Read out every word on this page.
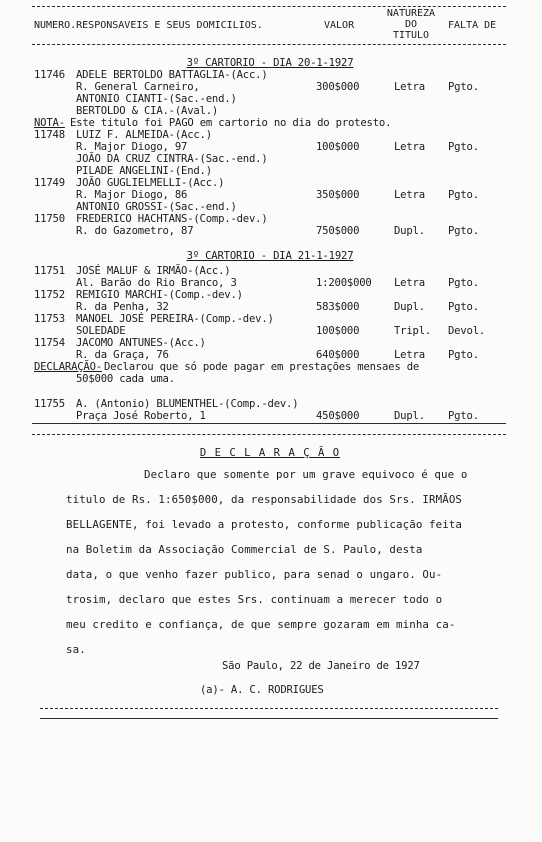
NUMERO.RESPONSAVEIS E SEUS DOMICILIOS.	VALOR
NATUREZA
DO
TITULO
FALTA DE
3º CARTORIO - DIA 20-1-1927
11746 ADELE BERTOLDO BATTAGLIA-(Acc.)
R. General Carneiro,	300$000	Letra Pgto.
ANTONIO CIANTI-(Sac.-end.)
BERTOLDO & CIA.-(Aval.)
NOTA- Este titulo foi PAGO em cartorio no dia do protesto.
11748 LUIZ F. ALMEIDA-(Acc.)
R. Major Diogo, 97	100$000	Letra Pgto.
JOÃO DA CRUZ CINTRA-(Sac.-end.)
PILADE ANGELINI-(End.)
11749 JOÃO GUGLIELMELLI-(Acc.)
R. Major Diogo, 86	350$000	Letra Pgto.
ANTONIO GROSSI-(Sac.-end.)
11750 FREDERICO HACHTANS-(Comp.-dev.)
R. do Gazometro, 87	750$000	Dupl. Pgto.
11751 JOSÉ MALUF & IRMÃO-(Acc.)
Al. Barão do Rio Branco, 3	1:200$000 Letra Pgto.
11752 REMIGIO MARCHI-(Comp.-dev.)
R. da Penha, 32	583$000	Dupl. Pgto.
11753 MANOEL JOSÉ PEREIRA-(Comp.-dev.)
SOLEDADE	100$000	Tripl. Devol.
11754 JACOMO ANTUNES-(Acc.)
R. da Graça, 76	640$000	Letra Pgto.
DECLARAÇÃO- Declarou que só pode pagar em prestações mensaes de
50$000 cada uma.
11755 A. (Antonio) BLUMENTHEL-(Comp.-dev.)
Praça José Roberto, 1	450$000	Dupl. Pgto.
3º CARTORIO - DIA 21-1-1927
D E C L A R A Ç Ã O
Declaro que somente por um grave equivoco é que o
titulo de Rs. 1:650$000, da responsabilidade dos Srs. IRMÃOS
BELLAGENTE, foi levado a protesto, conforme publicação feita
na Boletim da Associação Commercial de S. Paulo, desta
data, o que venho fazer publico, para senad o ungaro. Ou-
trosim, declaro que estes Srs. continuam a merecer todo o
meu credito e confiança, de que sempre gozaram em minha ca-
sa.
São Paulo, 22 de Janeiro de 1927
(a)- A. C. RODRIGUES
